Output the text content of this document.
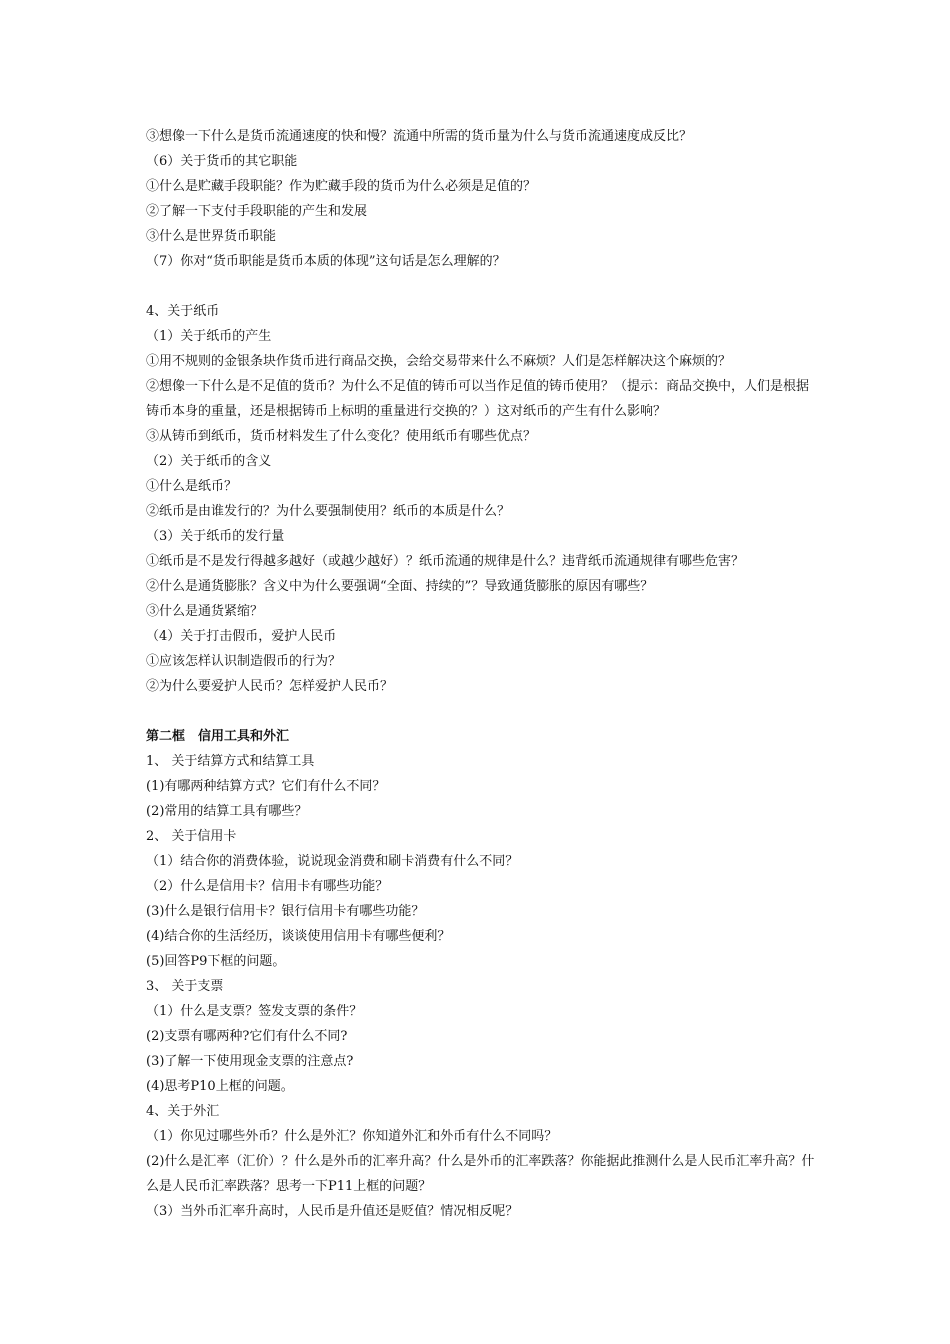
③想像一下什么是货币流通速度的快和慢？流通中所需的货币量为什么与货币流通速度成反比？
（6）关于货币的其它职能
①什么是贮藏手段职能？作为贮藏手段的货币为什么必须是足值的？
②了解一下支付手段职能的产生和发展
③什么是世界货币职能
（7）你对“货币职能是货币本质的体现”这句话是怎么理解的？
4、关于纸币
（1）关于纸币的产生
①用不规则的金银条块作货币进行商品交换，会给交易带来什么不麻烦？人们是怎样解决这个麻烦的？
②想像一下什么是不足值的货币？为什么不足值的铸币可以当作足值的铸币使用？（提示：商品交换中，人们是根据铸币本身的重量，还是根据铸币上标明的重量进行交换的？）这对纸币的产生有什么影响？
③从铸币到纸币，货币材料发生了什么变化？使用纸币有哪些优点？
（2）关于纸币的含义
①什么是纸币？
②纸币是由谁发行的？为什么要强制使用？纸币的本质是什么？
（3）关于纸币的发行量
①纸币是不是发行得越多越好（或越少越好）？纸币流通的规律是什么？违背纸币流通规律有哪些危害？
②什么是通货膨胀？含义中为什么要强调“全面、持续的”？导致通货膨胀的原因有哪些？
③什么是通货紧缩？
（4）关于打击假币，爱护人民币
①应该怎样认识制造假币的行为？
②为什么要爱护人民币？怎样爱护人民币？
第二框　信用工具和外汇
1、 关于结算方式和结算工具
(1)有哪两种结算方式？它们有什么不同？
(2)常用的结算工具有哪些？
2、 关于信用卡
（1）结合你的消费体验，说说现金消费和刷卡消费有什么不同？
（2）什么是信用卡？信用卡有哪些功能？
(3)什么是银行信用卡？银行信用卡有哪些功能？
(4)结合你的生活经历，谈谈使用信用卡有哪些便利？
(5)回答P9下框的问题。
3、 关于支票
（1）什么是支票？签发支票的条件？
(2)支票有哪两种?它们有什么不同?
(3)了解一下使用现金支票的注意点?
(4)思考P10上框的问题。
4、关于外汇
（1）你见过哪些外币？什么是外汇？你知道外汇和外币有什么不同吗？
(2)什么是汇率（汇价）？什么是外币的汇率升高？什么是外币的汇率跌落？你能据此推测什么是人民币汇率升高？什么是人民币汇率跌落？思考一下P11上框的问题？
（3）当外币汇率升高时，人民币是升值还是贬值？情况相反呢？
